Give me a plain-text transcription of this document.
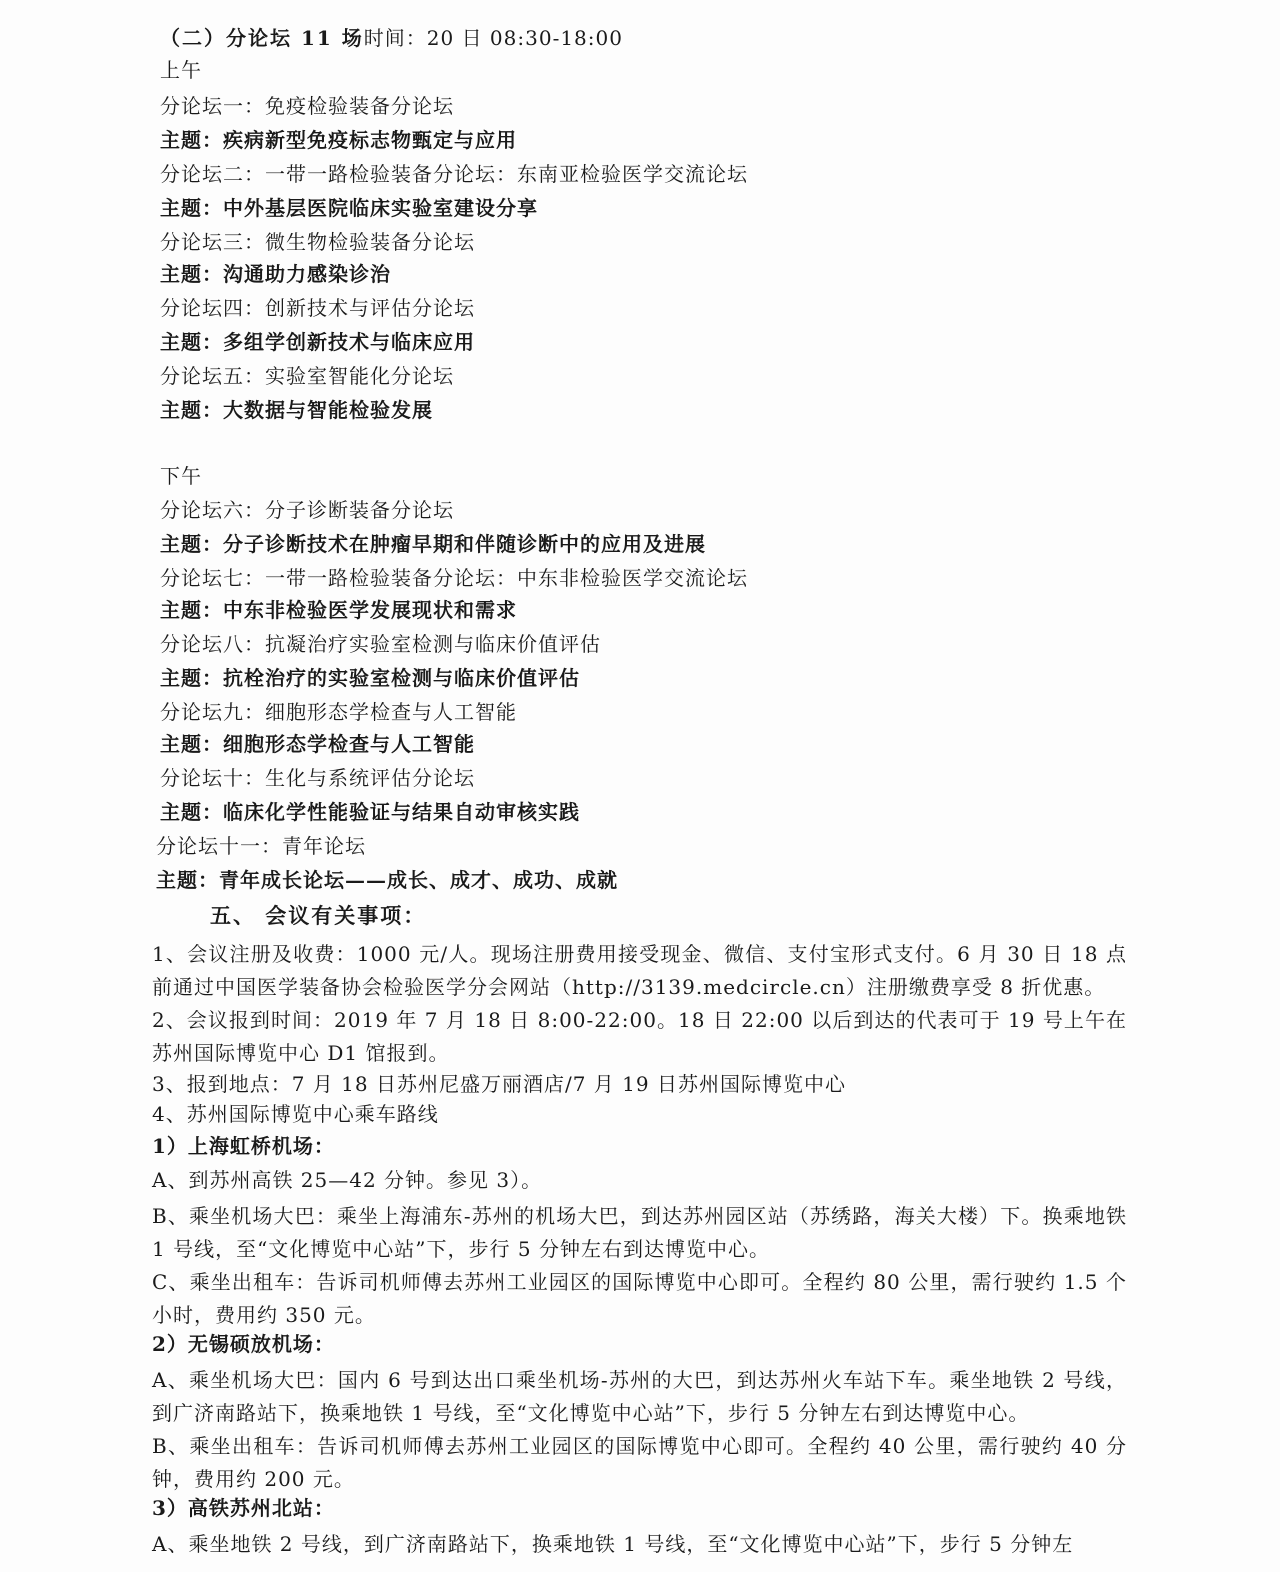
（二）分论坛 11 场时间：20 日 08:30-18:00
上午
分论坛一：免疫检验装备分论坛
主题：疾病新型免疫标志物甄定与应用
分论坛二：一带一路检验装备分论坛：东南亚检验医学交流论坛
主题：中外基层医院临床实验室建设分享
分论坛三：微生物检验装备分论坛
主题：沟通助力感染诊治
分论坛四：创新技术与评估分论坛
主题：多组学创新技术与临床应用
分论坛五：实验室智能化分论坛
主题：大数据与智能检验发展
下午
分论坛六：分子诊断装备分论坛
主题：分子诊断技术在肿瘤早期和伴随诊断中的应用及进展
分论坛七：一带一路检验装备分论坛：中东非检验医学交流论坛
主题：中东非检验医学发展现状和需求
分论坛八：抗凝治疗实验室检测与临床价值评估
主题：抗栓治疗的实验室检测与临床价值评估
分论坛九：细胞形态学检查与人工智能
主题：细胞形态学检查与人工智能
分论坛十：生化与系统评估分论坛
主题：临床化学性能验证与结果自动审核实践
分论坛十一：青年论坛
主题：青年成长论坛——成长、成才、成功、成就
五、 会议有关事项：
1、会议注册及收费：1000 元/人。现场注册费用接受现金、微信、支付宝形式支付。6 月 30 日 18 点前通过中国医学装备协会检验医学分会网站（http://3139.medcircle.cn）注册缴费享受 8 折优惠。
2、会议报到时间：2019 年 7 月 18 日 8:00-22:00。18 日 22:00 以后到达的代表可于 19 号上午在苏州国际博览中心 D1 馆报到。
3、报到地点：7 月 18 日苏州尼盛万丽酒店/7 月 19 日苏州国际博览中心
4、苏州国际博览中心乘车路线
1）上海虹桥机场：
A、到苏州高铁 25—42 分钟。参见 3）。
B、乘坐机场大巴：乘坐上海浦东-苏州的机场大巴，到达苏州园区站（苏绣路，海关大楼）下。换乘地铁 1 号线，至“文化博览中心站”下，步行 5 分钟左右到达博览中心。
C、乘坐出租车：告诉司机师傅去苏州工业园区的国际博览中心即可。全程约 80 公里，需行驶约 1.5 个小时，费用约 350 元。
2）无锡硕放机场：
A、乘坐机场大巴：国内 6 号到达出口乘坐机场-苏州的大巴，到达苏州火车站下车。乘坐地铁 2 号线，到广济南路站下，换乘地铁 1 号线，至“文化博览中心站”下，步行 5 分钟左右到达博览中心。
B、乘坐出租车：告诉司机师傅去苏州工业园区的国际博览中心即可。全程约 40 公里，需行驶约 40 分钟，费用约 200 元。
3）高铁苏州北站：
A、乘坐地铁 2 号线，到广济南路站下，换乘地铁 1 号线，至“文化博览中心站”下，步行 5 分钟左
